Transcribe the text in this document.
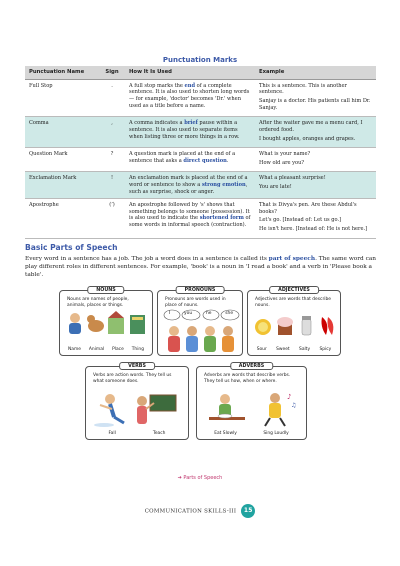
Punctuation Marks
Punctuation Name	Sign	How It Is Used	Example
Full Stop	.	A full stop marks the end of a complete sentence. It is also used to shorten long words — for example, 'doctor' becomes 'Dr.' when used as a title before a name.	This is a sentence. This is another sentence.
Sanjay is a doctor. His patients call him Dr. Sanjay.

Comma	,	A comma indicates a brief pause within a sentence. It is also used to separate items when listing three or more things in a row.	After the waiter gave me a menu card, I ordered food.
I bought apples, oranges and grapes.

Question Mark	?	A question mark is placed at the end of a sentence that asks a direct question.	What is your name?
How old are you?

Exclamation Mark	!	An exclamation mark is placed at the end of a word or sentence to show a strong emotion, such as surprise, shock or anger.	What a pleasant surprise!
You are late!

Apostrophe	(’)	An apostrophe followed by 's' shows that something belongs to someone (possession). It is also used to indicate the shortened form of some words in informal speech (contraction).	That is Divya's pen. Are these Abdul's books?
Let's go. [Instead of: Let us go.]
He isn't here. [Instead of: He is not here.]
Basic Parts of Speech
Every word in a sentence has a job. The job a word does in a sentence is called its part of speech. The same word can play different roles in different sentences. For example, 'book' is a noun in 'I read a book' and a verb in 'Please book a table'.
NOUNS
Nouns are names of people, animals, places or things.
Name Animal Place Thing
PRONOUNS
Pronouns are words used in place of nouns.
I	you	he	she
ADJECTIVES
Adjectives are words that describe nouns.
Sour Sweet Salty Spicy
VERBS
Verbs are action words. They tell us what someone does.
Fall	Teach
ADVERBS
Adverbs are words that describe verbs. They tell us how, when or where.
♪
♫
Eat Slowly	Sing Loudly
➔ Parts of Speech
COMMUNICATION SKILLS-III 15
